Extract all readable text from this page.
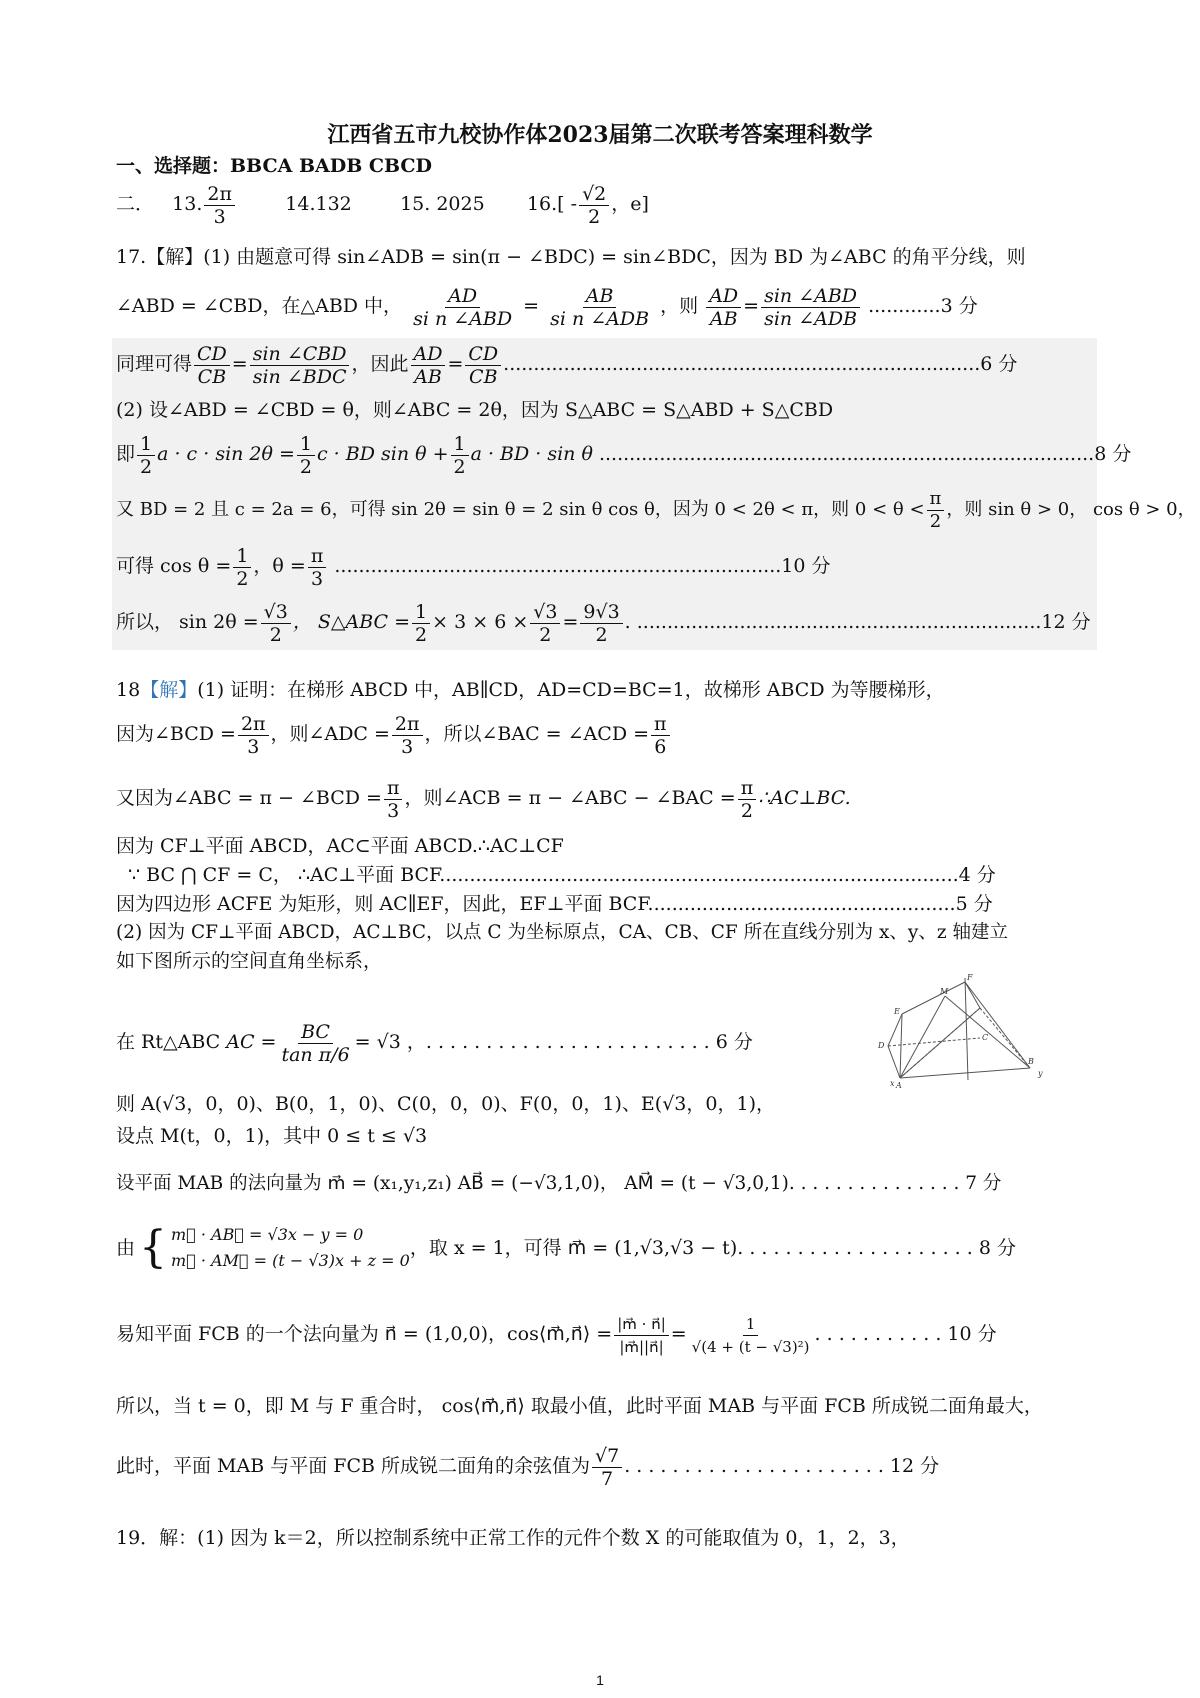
江西省五市九校协作体2023届第二次联考答案理科数学
一、选择题：BBCA BADB CBCD
二． 13. $\frac{2\pi}{3}$	14.132	15. 2025 $16.[ - \frac{√2}{2}$ ，e]
17.【解】(1) 由题意可得 sin∠ADB = sin(π − ∠BDC) = sin∠BDC，因为 BD 为∠ABC 的角平分线，则
∠ABD = ∠CBD，在△ABD 中， $\frac{AD}{\text{si n ∠ABD}} = \frac{AB}{\text{si n ∠ADB}}$ ，则 $\frac{AD}{AB} = \frac{\text{sin ∠ABD}}{\text{sin ∠ADB}} ............3$ 分
同理可得 $\frac{CD}{CB} = \frac{\text{sin ∠CBD}}{\text{sin ∠BDC}}$ ，因此 $\frac{AD}{AB} = \frac{CD}{CB} ...............................................................................6$ 分
(2) 设∠ABD = ∠CBD = θ，则∠ABC = 2θ，因为 S△ABC = S△ABD + S△CBD
即 $\frac{1}{2}$ $a \cdot c \cdot \sin 2\theta = \frac{1}{2}$ c · BD $\sin \theta + \frac{1}{2}$ a · BD · sin θ ..................................................................................8 分
又 BD = 2 且 c = 2a = 6，可得 sin 2θ = sin θ = 2 sin θ cos θ，因为 0 < 2θ < π，则 $0 < \theta < \frac{\pi}{2}$ ，则 sin θ > 0， cos θ > 0，
可得 $\cos \theta = \frac{1}{2}$ ，$\theta = \frac{\pi}{3} ..........................................................................10$ 分
所以， $\sin 2\theta = \frac{√3}{2}$ ， S△ABC = $\frac{1}{2} \times 3 \times 6 \times \frac{√3}{2} = \frac{9√3}{2}$ . ...................................................................12 分
18【解】(1) 证明：在梯形 ABCD 中，AB∥CD，AD=CD=BC=1，故梯形 ABCD 为等腰梯形，
因为∠BCD = $\frac{2\pi}{3}$ ，则∠ADC = $\frac{2\pi}{3}$ ，所以∠BAC = ∠ACD = $\frac{\pi}{6}$
又因为∠ABC = π − ∠BCD = $\frac{\pi}{3}$ ，则∠ACB = π − ∠ABC − ∠BAC = $\frac{\pi}{2}$ ∴AC⊥BC.
因为 CF⊥平面 ABCD，AC⊂平面 ABCD.∴AC⊥CF
∵ BC ⋂ CF = C， ∴AC⊥平面 BCF......................................................................................4 分
因为四边形 ACFE 为矩形，则 AC∥EF，因此，EF⊥平面 BCF...................................................5 分
(2) 因为 CF⊥平面 ABCD，AC⊥BC，以点 C 为坐标原点，CA、CB、CF 所在直线分别为 x、y、z 轴建立
如下图所示的空间直角坐标系，
在 Rt△ABC AC = $\frac{BC}{\text{tan π/6}} = √3$ ，. . . . . . . . . . . . . . . . . . . . . . . . 6 分
F
M
E
D
C
A
B
x
y
则 A(√3，0，0)、B(0，1，0)、C(0，0，0)、F(0，0，1)、E(√3，0，1)，
设点 M(t，0，1)，其中 0 ≤ t ≤ √3
设平面 MAB 的法向量为 m⃗ = (x₁,y₁,z₁) AB⃗ = (−√3,1,0)， AM⃗ = (t − √3,0,1). . . . . . . . . . . . . . . 7 分
由 { m⃗ · AB⃗ = √3x − y = 0
m⃗ · AM⃗ = (t − √3)x + z = 0
，取 x = 1，可得 m⃗ = (1,√3,√3 − t). . . . . . . . . . . . . . . . . . . . 8 分
易知平面 FCB 的一个法向量为 n⃗ = (1,0,0)，cos⟨m⃗,n⃗⟩ = $\frac{|m⃗ \cdot n⃗|}{|m⃗||n⃗|} = \frac{1}{\text{√(4 + (t − √3)²)}}$ . . . . . . . . . . . 10 分
所以，当 t = 0，即 M 与 F 重合时， cos⟨m⃗,n⃗⟩ 取最小值，此时平面 MAB 与平面 FCB 所成锐二面角最大，
此时，平面 MAB 与平面 FCB 所成锐二面角的余弦值为 $\frac{√7}{7}$ . . . . . . . . . . . . . . . . . . . . . . 12 分
19．解：(1) 因为 k＝2，所以控制系统中正常工作的元件个数 X 的可能取值为 0，1，2，3，
1
